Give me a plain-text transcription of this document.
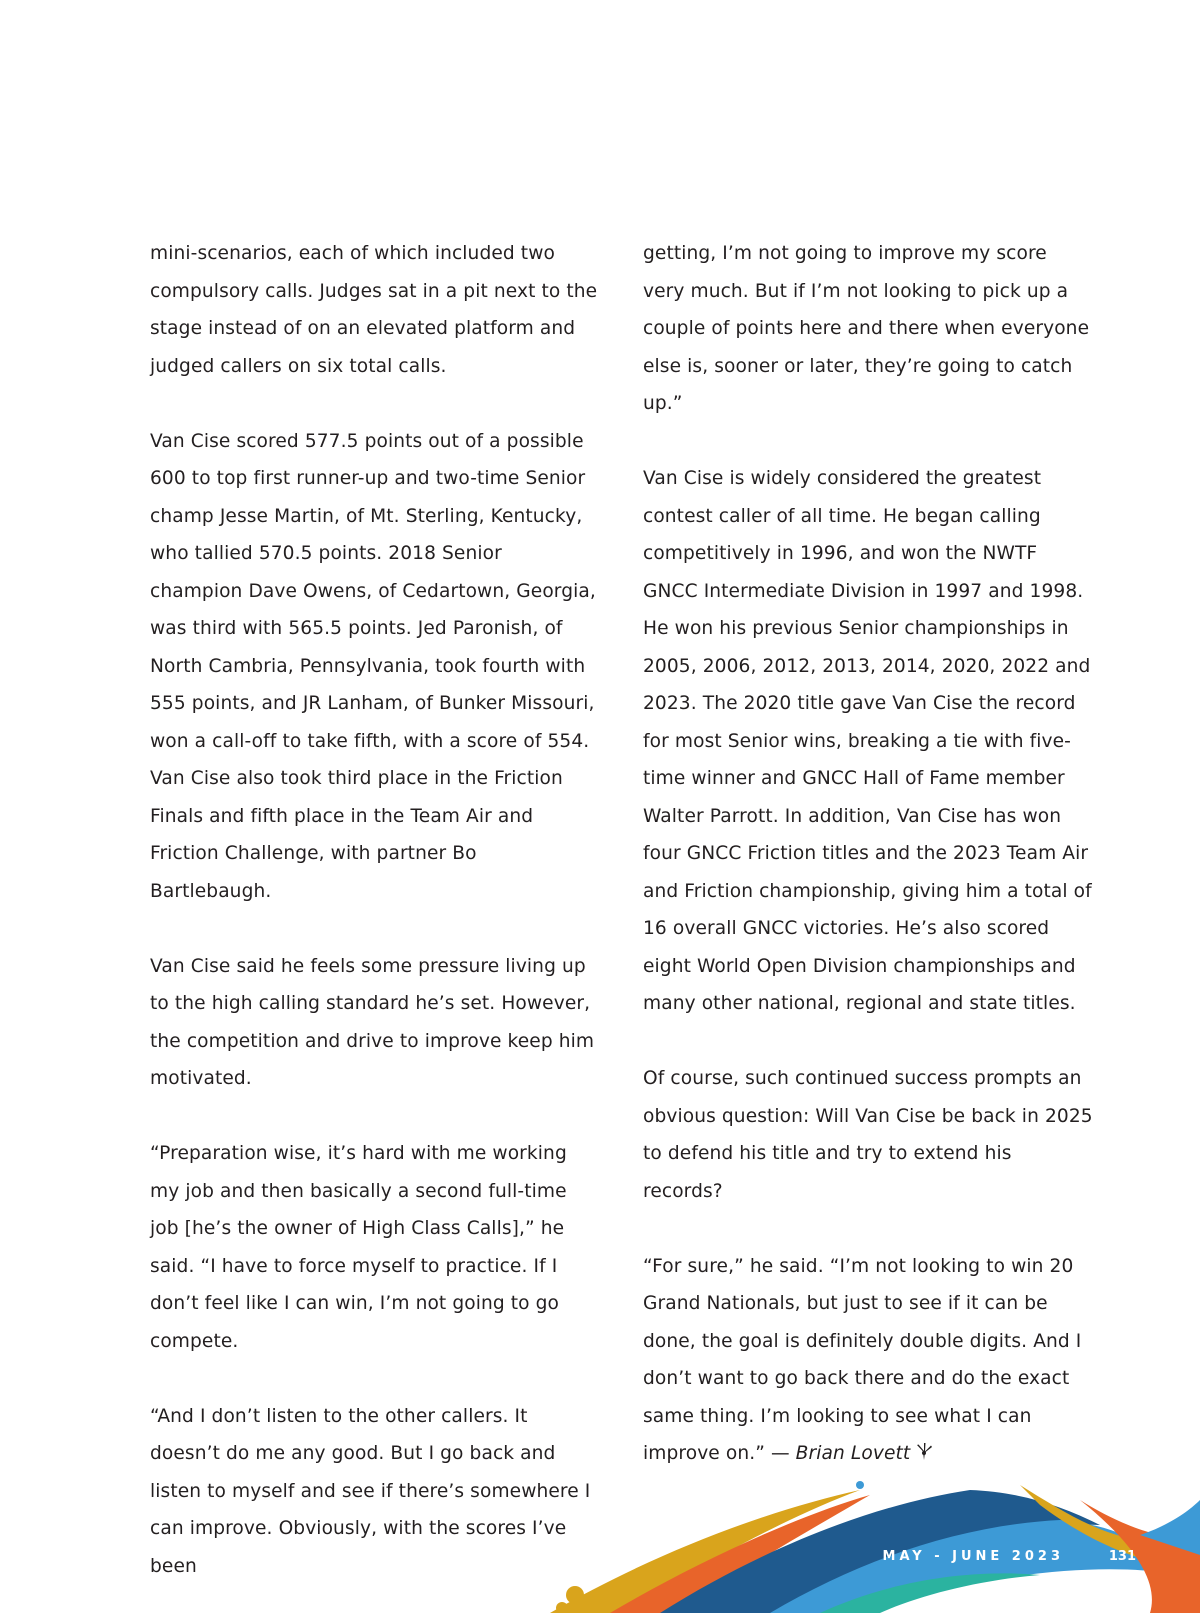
mini-scenarios, each of which included two compulsory calls. Judges sat in a pit next to the stage instead of on an elevated platform and judged callers on six total calls.

Van Cise scored 577.5 points out of a possible 600 to top first runner-up and two-time Senior champ Jesse Martin, of Mt. Sterling, Kentucky, who tallied 570.5 points. 2018 Senior champion Dave Owens, of Cedartown, Georgia, was third with 565.5 points. Jed Paronish, of North Cambria, Pennsylvania, took fourth with 555 points, and JR Lanham, of Bunker Missouri, won a call-off to take fifth, with a score of 554. Van Cise also took third place in the Friction Finals and fifth place in the Team Air and Friction Challenge, with partner Bo Bartlebaugh.

Van Cise said he feels some pressure living up to the high calling standard he’s set. However, the competition and drive to improve keep him motivated.

“Preparation wise, it’s hard with me working my job and then basically a second full-time job [he’s the owner of High Class Calls],” he said. “I have to force myself to practice. If I don’t feel like I can win, I’m not going to go compete.

“And I don’t listen to the other callers. It doesn’t do me any good. But I go back and listen to myself and see if there’s somewhere I can improve. Obviously, with the scores I’ve been

getting, I’m not going to improve my score very much. But if I’m not looking to pick up a couple of points here and there when everyone else is, sooner or later, they’re going to catch up.”

Van Cise is widely considered the greatest contest caller of all time. He began calling competitively in 1996, and won the NWTF GNCC Intermediate Division in 1997 and 1998. He won his previous Senior championships in 2005, 2006, 2012, 2013, 2014, 2020, 2022 and 2023. The 2020 title gave Van Cise the record for most Senior wins, breaking a tie with five-time winner and GNCC Hall of Fame member Walter Parrott. In addition, Van Cise has won four GNCC Friction titles and the 2023 Team Air and Friction championship, giving him a total of 16 overall GNCC victories. He’s also scored eight World Open Division championships and many other national, regional and state titles.

Of course, such continued success prompts an obvious question: Will Van Cise be back in 2025 to defend his title and try to extend his records?

“For sure,” he said. “I’m not looking to win 20 Grand Nationals, but just to see if it can be done, the goal is definitely double digits. And I don’t want to go back there and do the exact same thing. I’m looking to see what I can improve on.” — Brian Lovett

MAY - JUNE 2023	131
